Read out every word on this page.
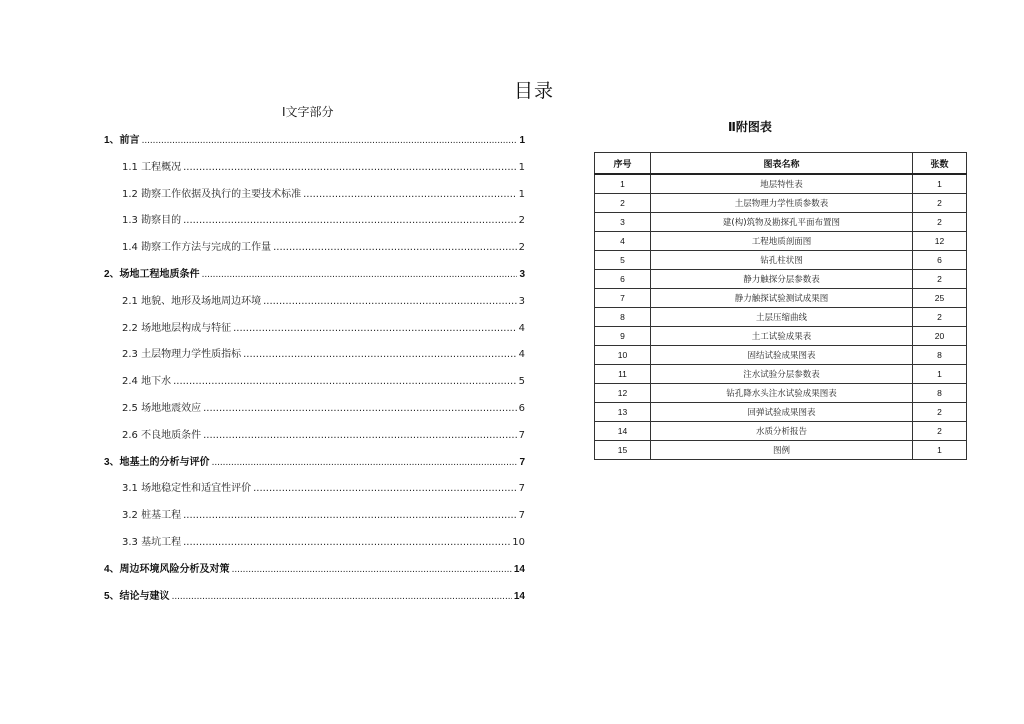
目录
Ⅰ文字部分
Ⅱ附图表
1、前言 .....	1
1.1 工程概况 .....	1
1.2 勘察工作依据及执行的主要技术标准 .....	1
1.3 勘察目的 .....	2
1.4 勘察工作方法与完成的工作量 .....	2
2、场地工程地质条件 .....	3
2.1 地貌、地形及场地周边环境 .....	3
2.2 场地地层构成与特征 .....	4
2.3 土层物理力学性质指标 .....	4
2.4 地下水 .....	5
2.5 场地地震效应 .....	6
2.6 不良地质条件 .....	7
3、地基土的分析与评价 .....	7
3.1 场地稳定性和适宜性评价 .....	7
3.2 桩基工程 .....	7
3.3 基坑工程 .....	10
4、周边环境风险分析及对策 .....	14
5、结论与建议 .....	14
序号	图表名称	张数
1	地层特性表	1
2	土层物理力学性质参数表	2
3	建(构)筑物及勘探孔平面布置图	2
4	工程地质剖面图	12
5	钻孔柱状图	6
6	静力触探分层参数表	2
7	静力触探试验测试成果图	25
8	土层压缩曲线	2
9	土工试验成果表	20
10	固结试验成果图表	8
11	注水试验分层参数表	1
12	钻孔降水头注水试验成果图表	8
13	回弹试验成果图表	2
14	水质分析报告	2
15	图例	1
